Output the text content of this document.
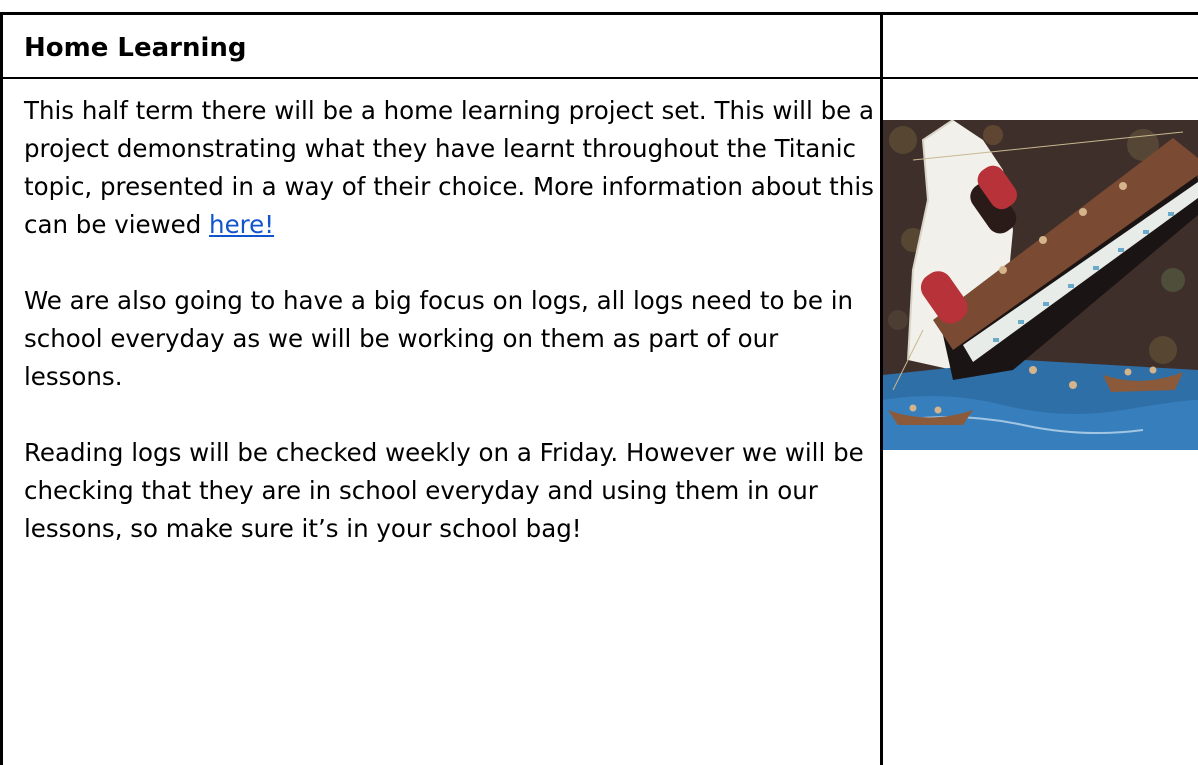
Home Learning

This half term there will be a home learning project set. This will be a project demonstrating what they have learnt throughout the Titanic topic, presented in a way of their choice. More information about this can be viewed here!

We are also going to have a big focus on logs, all logs need to be in school everyday as we will be working on them as part of our lessons.

Reading logs will be checked weekly on a Friday. However we will be checking that they are in school everyday and using them in our lessons, so make sure it’s in your school bag!
